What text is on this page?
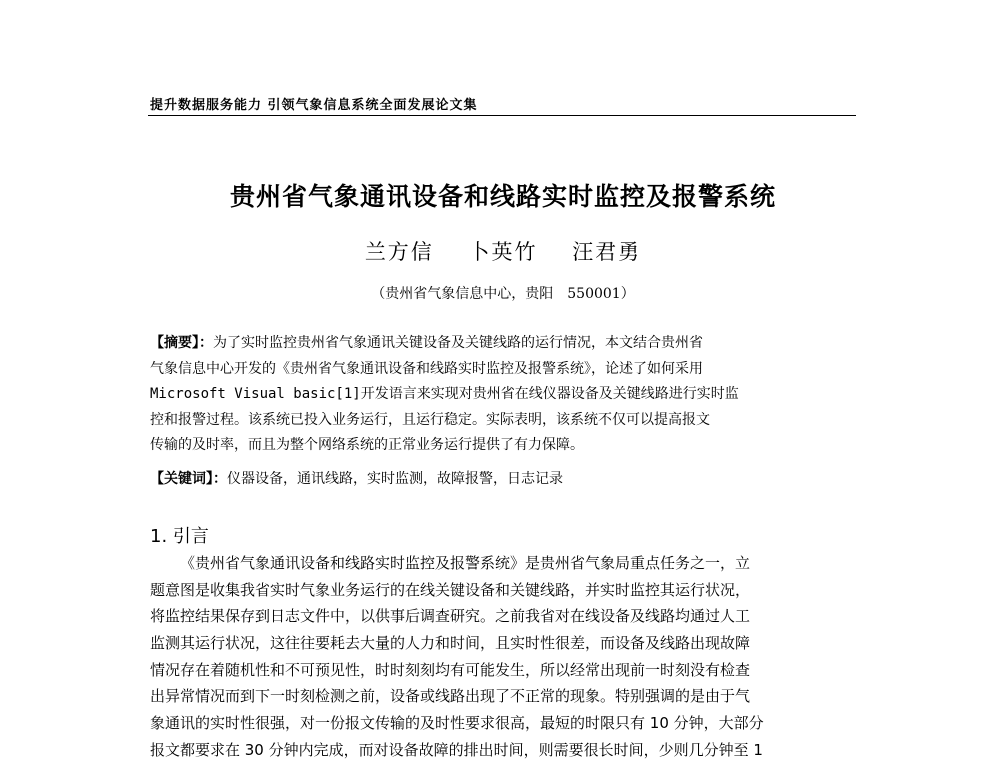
提升数据服务能力 引领气象信息系统全面发展论文集
贵州省气象通讯设备和线路实时监控及报警系统
兰方信 卜英竹 汪君勇
（贵州省气象信息中心，贵阳　550001）
【摘要】：为了实时监控贵州省气象通讯关键设备及关键线路的运行情况，本文结合贵州省
气象信息中心开发的《贵州省气象通讯设备和线路实时监控及报警系统》，论述了如何采用
Microsoft Visual basic[1]开发语言来实现对贵州省在线仪器设备及关键线路进行实时监
控和报警过程。该系统已投入业务运行，且运行稳定。实际表明，该系统不仅可以提高报文
传输的及时率，而且为整个网络系统的正常业务运行提供了有力保障。
【关键词】：仪器设备，通讯线路，实时监测，故障报警，日志记录
1. 引言
《贵州省气象通讯设备和线路实时监控及报警系统》是贵州省气象局重点任务之一，立
题意图是收集我省实时气象业务运行的在线关键设备和关键线路，并实时监控其运行状况，
将监控结果保存到日志文件中，以供事后调查研究。之前我省对在线设备及线路均通过人工
监测其运行状况，这往往要耗去大量的人力和时间，且实时性很差，而设备及线路出现故障
情况存在着随机性和不可预见性，时时刻刻均有可能发生，所以经常出现前一时刻没有检查
出异常情况而到下一时刻检测之前，设备或线路出现了不正常的现象。特别强调的是由于气
象通讯的实时性很强，对一份报文传输的及时性要求很高，最短的时限只有 10 分钟，大部分
报文都要求在 30 分钟内完成，而对设备故障的排出时间，则需要很长时间，少则几分钟至 1
